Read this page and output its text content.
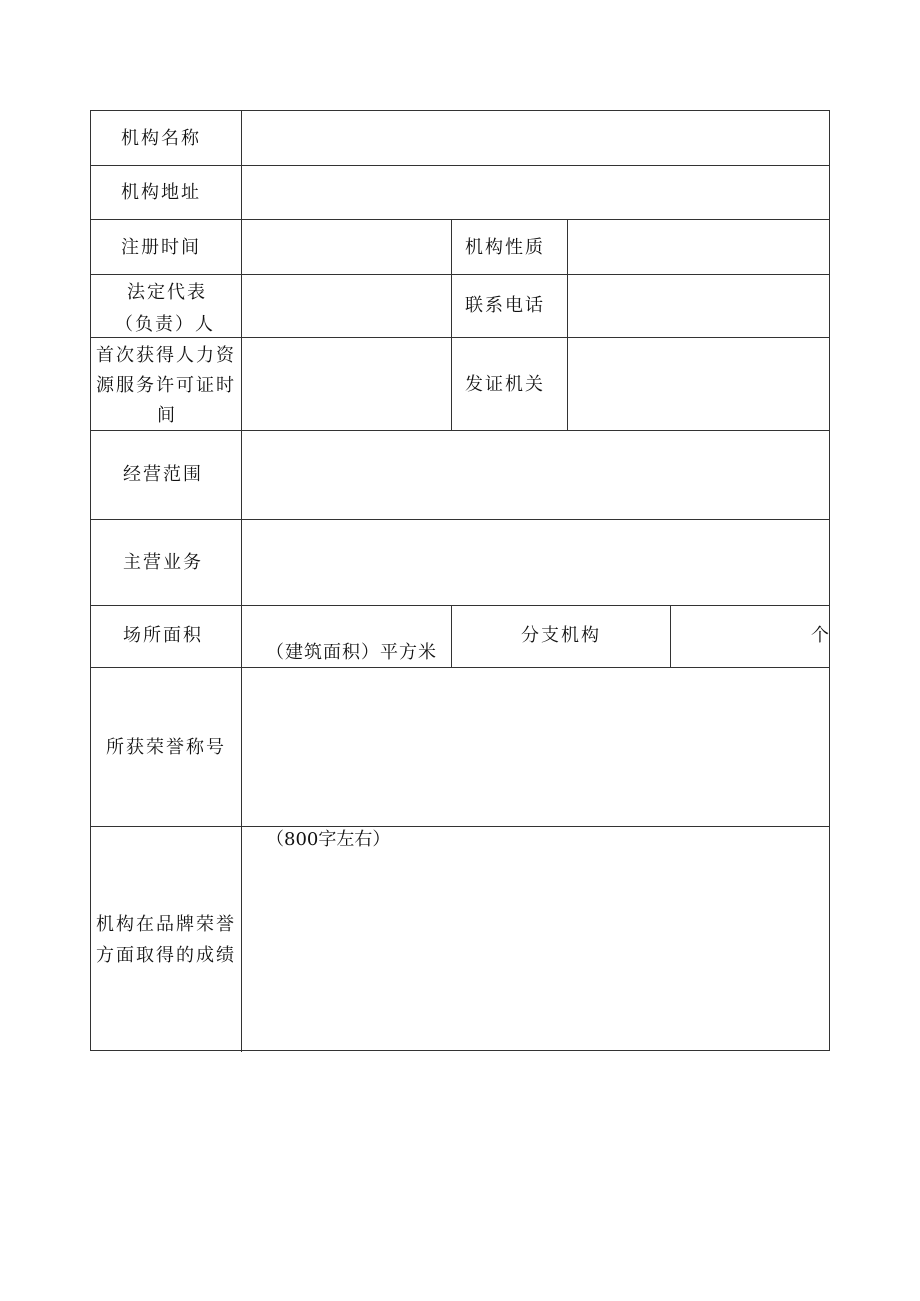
机构名称
机构地址
注册时间	机构性质
法定代表
（负责）人
联系电话
首次获得人力资
源服务许可证时
间
发证机关
经营范围
主营业务
场所面积
（建筑面积）平方米
分支机构	个
所获荣誉称号
机构在品牌荣誉
方面取得的成绩
（800字左右）
